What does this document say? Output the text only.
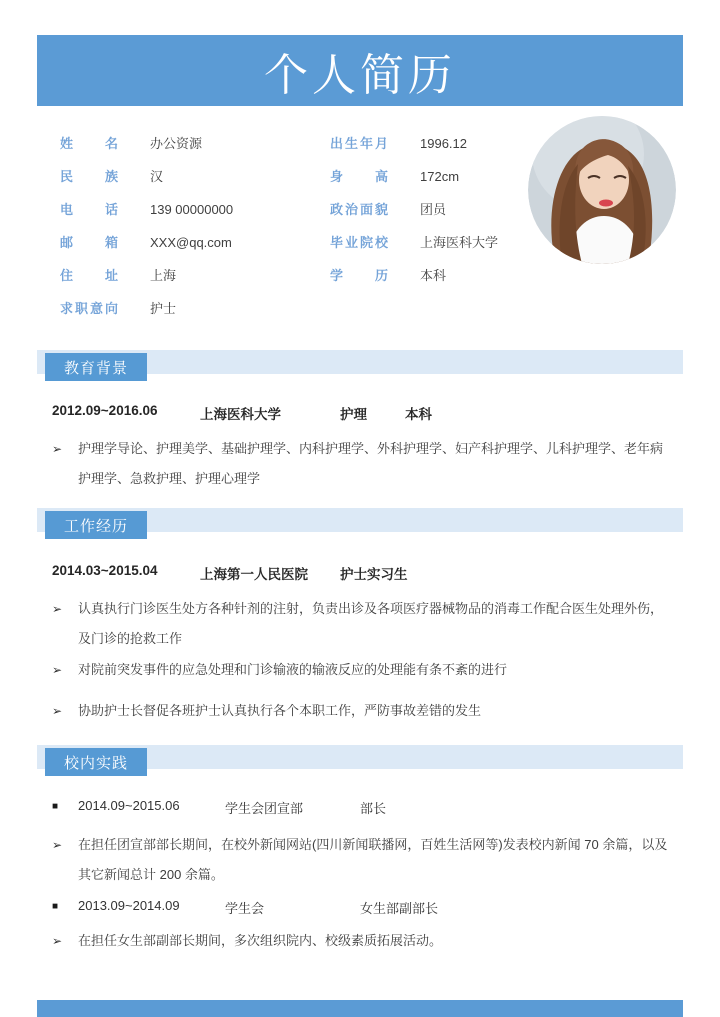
个人简历
姓名 办公资源
民族 汉
电话 139 00000000
邮箱 XXX@qq.com
住址 上海
求职意向 护士
出生年月 1996.12
身高 172cm
政治面貌 团员
毕业院校 上海医科大学
学历 本科
教育背景
2012.09~2016.06	上海医科大学	护理	本科
➢	护理学导论、护理美学、基础护理学、内科护理学、外科护理学、妇产科护理学、儿科护理学、老年病护理学、急救护理、护理心理学
工作经历
2014.03~2015.04	上海第一人民医院	护士实习生
➢	认真执行门诊医生处方各种针剂的注射，负责出诊及各项医疗器械物品的消毒工作配合医生处理外伤，及门诊的抢救工作
➢	对院前突发事件的应急处理和门诊输液的输液反应的处理能有条不紊的进行
➢	协助护士长督促各班护士认真执行各个本职工作，严防事故差错的发生
校内实践
■	2014.09~2015.06	学生会团宣部	部长
➢	在担任团宣部部长期间，在校外新闻网站(四川新闻联播网，百姓生活网等)发表校内新闻 70 余篇，以及其它新闻总计 200 余篇。
■	2013.09~2014.09	学生会	女生部副部长
➢	在担任女生部副部长期间，多次组织院内、校级素质拓展活动。
